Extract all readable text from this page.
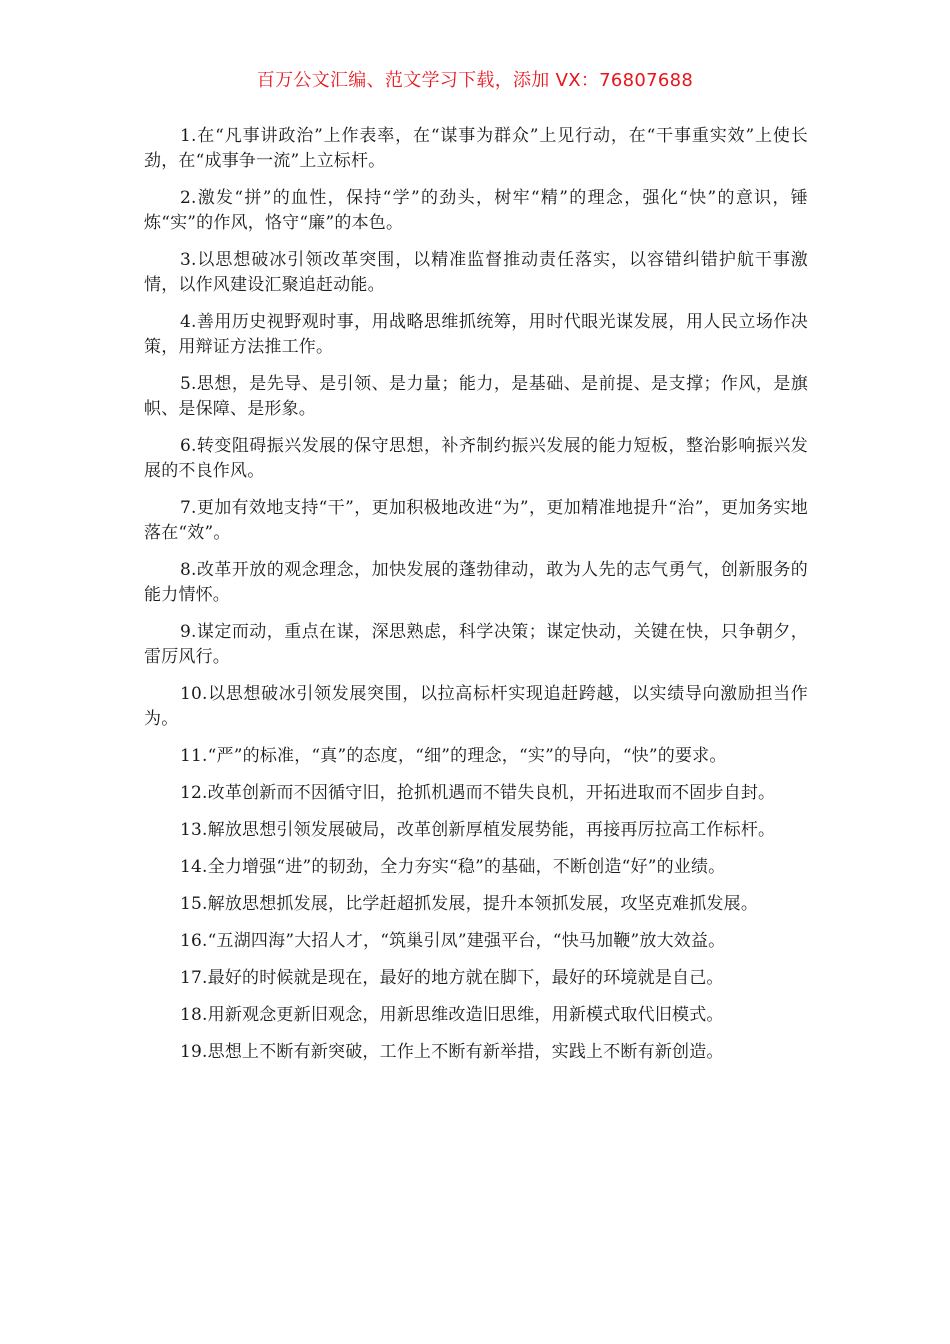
百万公文汇编、范文学习下载，添加 VX：76807688

1.在“凡事讲政治”上作表率，在“谋事为群众”上见行动，在“干事重实效”上使长劲，在“成事争一流”上立标杆。

2.激发“拼”的血性，保持“学”的劲头，树牢“精”的理念，强化“快”的意识，锤炼“实”的作风，恪守“廉”的本色。

3.以思想破冰引领改革突围，以精准监督推动责任落实，以容错纠错护航干事激情，以作风建设汇聚追赶动能。

4.善用历史视野观时事，用战略思维抓统筹，用时代眼光谋发展，用人民立场作决策，用辩证方法推工作。

5.思想，是先导、是引领、是力量；能力，是基础、是前提、是支撑；作风，是旗帜、是保障、是形象。

6.转变阻碍振兴发展的保守思想，补齐制约振兴发展的能力短板，整治影响振兴发展的不良作风。

7.更加有效地支持“干”，更加积极地改进“为”，更加精准地提升“治”，更加务实地落在“效”。

8.改革开放的观念理念，加快发展的蓬勃律动，敢为人先的志气勇气，创新服务的能力情怀。

9.谋定而动，重点在谋，深思熟虑，科学决策；谋定快动，关键在快，只争朝夕，雷厉风行。

10.以思想破冰引领发展突围，以拉高标杆实现追赶跨越，以实绩导向激励担当作为。

11.“严”的标准，“真”的态度，“细”的理念，“实”的导向，“快”的要求。

12.改革创新而不因循守旧，抢抓机遇而不错失良机，开拓进取而不固步自封。

13.解放思想引领发展破局，改革创新厚植发展势能，再接再厉拉高工作标杆。

14.全力增强“进”的韧劲，全力夯实“稳”的基础，不断创造“好”的业绩。

15.解放思想抓发展，比学赶超抓发展，提升本领抓发展，攻坚克难抓发展。

16.“五湖四海”大招人才，“筑巢引凤”建强平台，“快马加鞭”放大效益。

17.最好的时候就是现在，最好的地方就在脚下，最好的环境就是自己。

18.用新观念更新旧观念，用新思维改造旧思维，用新模式取代旧模式。

19.思想上不断有新突破，工作上不断有新举措，实践上不断有新创造。
